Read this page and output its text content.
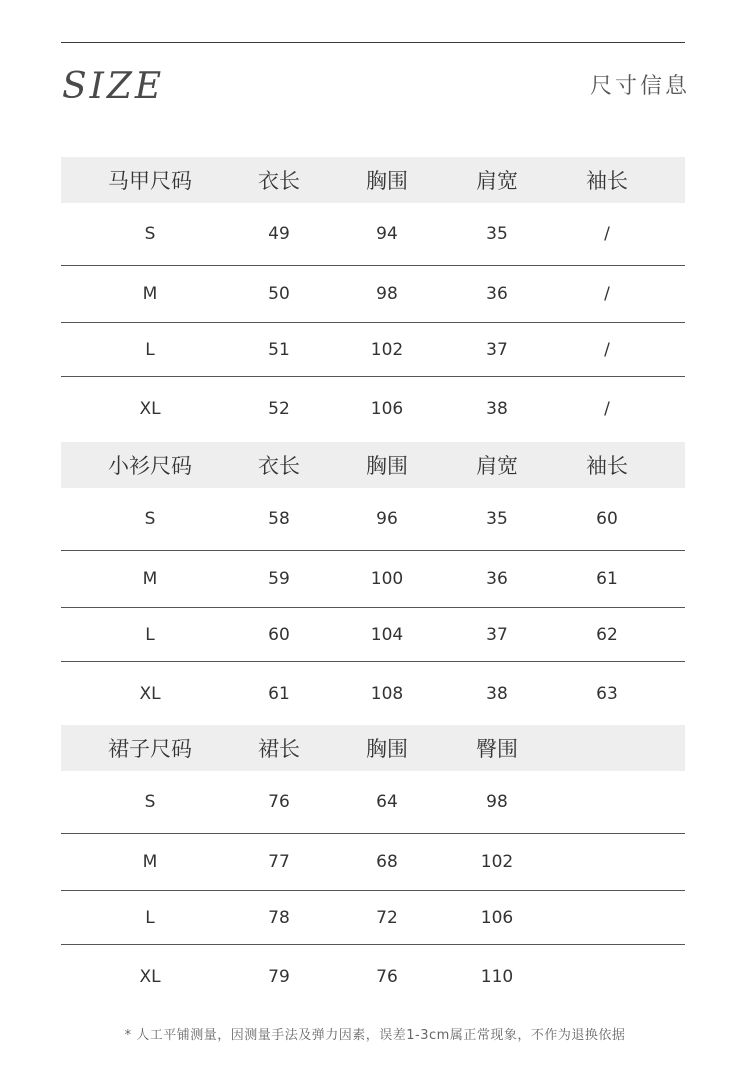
SIZE	尺寸信息
马甲尺码	衣长	胸围	肩宽	袖长
S	49	94	35	/
M	50	98	36	/
L	51	102	37	/
XL	52	106	38	/
小衫尺码	衣长	胸围	肩宽	袖长
S	58	96	35	60
M	59	100	36	61
L	60	104	37	62
XL	61	108	38	63
裙子尺码	裙长	胸围	臀围
S	76	64	98
M	77	68	102
L	78	72	106
XL	79	76	110
* 人工平铺测量，因测量手法及弹力因素，误差1-3cm属正常现象，不作为退换依据
